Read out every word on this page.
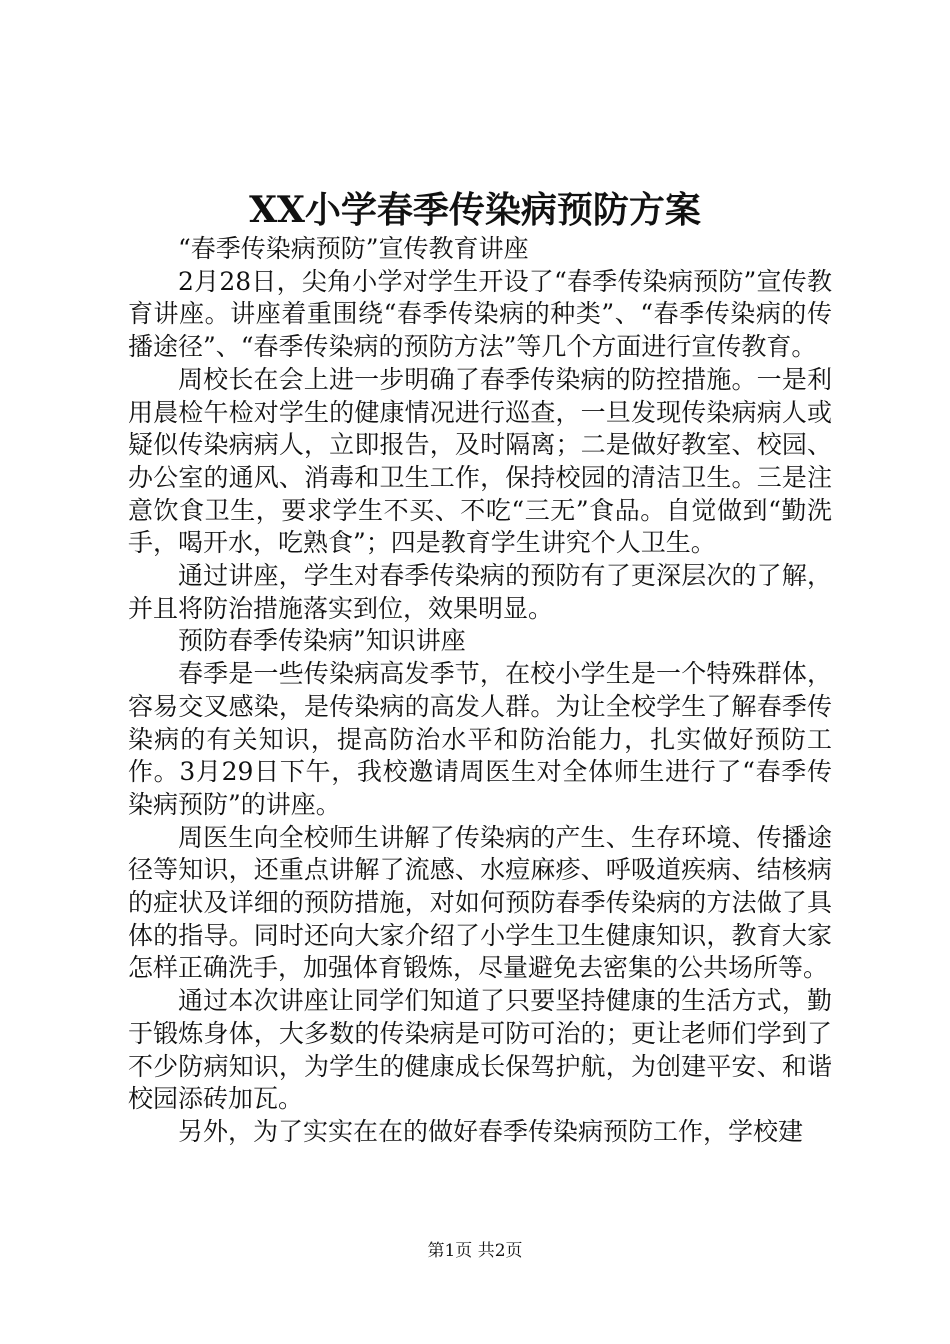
XX小学春季传染病预防方案

“春季传染病预防”宣传教育讲座

2月28日，尖角小学对学生开设了“春季传染病预防”宣传教育讲座。讲座着重围绕“春季传染病的种类”、“春季传染病的传播途径”、“春季传染病的预防方法”等几个方面进行宣传教育。

周校长在会上进一步明确了春季传染病的防控措施。一是利用晨检午检对学生的健康情况进行巡查，一旦发现传染病病人或疑似传染病病人，立即报告，及时隔离；二是做好教室、校园、办公室的通风、消毒和卫生工作，保持校园的清洁卫生。三是注意饮食卫生，要求学生不买、不吃“三无”食品。自觉做到“勤洗手，喝开水，吃熟食”；四是教育学生讲究个人卫生。

通过讲座，学生对春季传染病的预防有了更深层次的了解，并且将防治措施落实到位，效果明显。

预防春季传染病”知识讲座

春季是一些传染病高发季节，在校小学生是一个特殊群体，容易交叉感染，是传染病的高发人群。为让全校学生了解春季传染病的有关知识，提高防治水平和防治能力，扎实做好预防工作。3月29日下午，我校邀请周医生对全体师生进行了“春季传染病预防”的讲座。

周医生向全校师生讲解了传染病的产生、生存环境、传播途径等知识，还重点讲解了流感、水痘麻疹、呼吸道疾病、结核病的症状及详细的预防措施，对如何预防春季传染病的方法做了具体的指导。同时还向大家介绍了小学生卫生健康知识，教育大家怎样正确洗手，加强体育锻炼，尽量避免去密集的公共场所等。

通过本次讲座让同学们知道了只要坚持健康的生活方式，勤于锻炼身体，大多数的传染病是可防可治的；更让老师们学到了不少防病知识，为学生的健康成长保驾护航，为创建平安、和谐校园添砖加瓦。

另外，为了实实在在的做好春季传染病预防工作，学校建

第1页 共2页
